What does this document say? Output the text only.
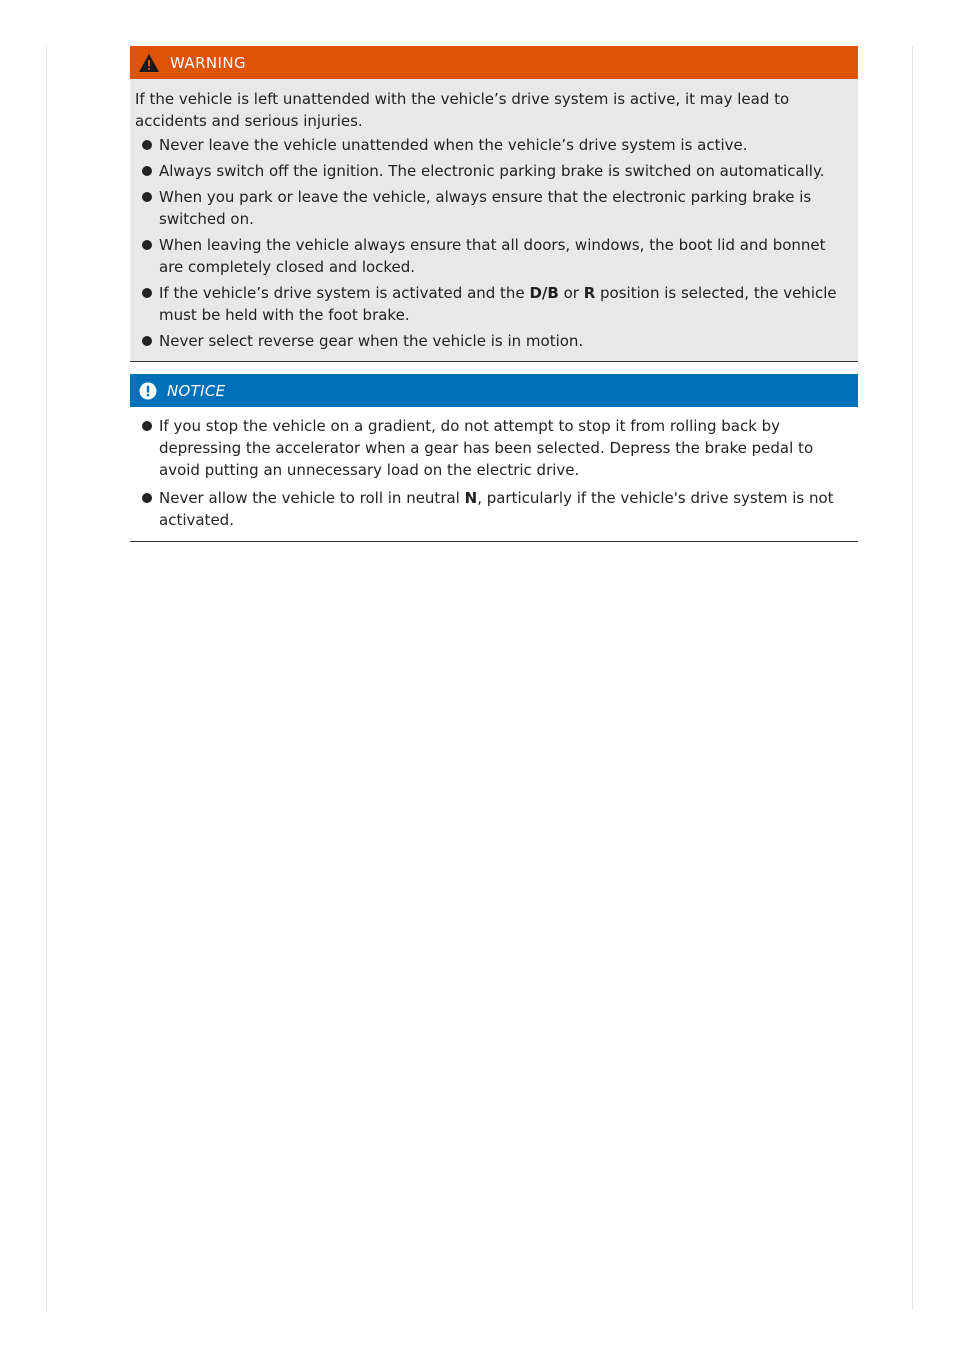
WARNING

If the vehicle is left unattended with the vehicle’s drive system is active, it may lead to accidents and serious injuries.

Never leave the vehicle unattended when the vehicle’s drive system is active.
Always switch off the ignition. The electronic parking brake is switched on automatically.
When you park or leave the vehicle, always ensure that the electronic parking brake is switched on.
When leaving the vehicle always ensure that all doors, windows, the boot lid and bonnet are completely closed and locked.
If the vehicle’s drive system is activated and the D/B or R position is selected, the vehicle must be held with the foot brake.
Never select reverse gear when the vehicle is in motion.
NOTICE
If you stop the vehicle on a gradient, do not attempt to stop it from rolling back by depressing the accelerator when a gear has been selected. Depress the brake pedal to avoid putting an unnecessary load on the electric drive.
Never allow the vehicle to roll in neutral N, particularly if the vehicle's drive system is not activated.
